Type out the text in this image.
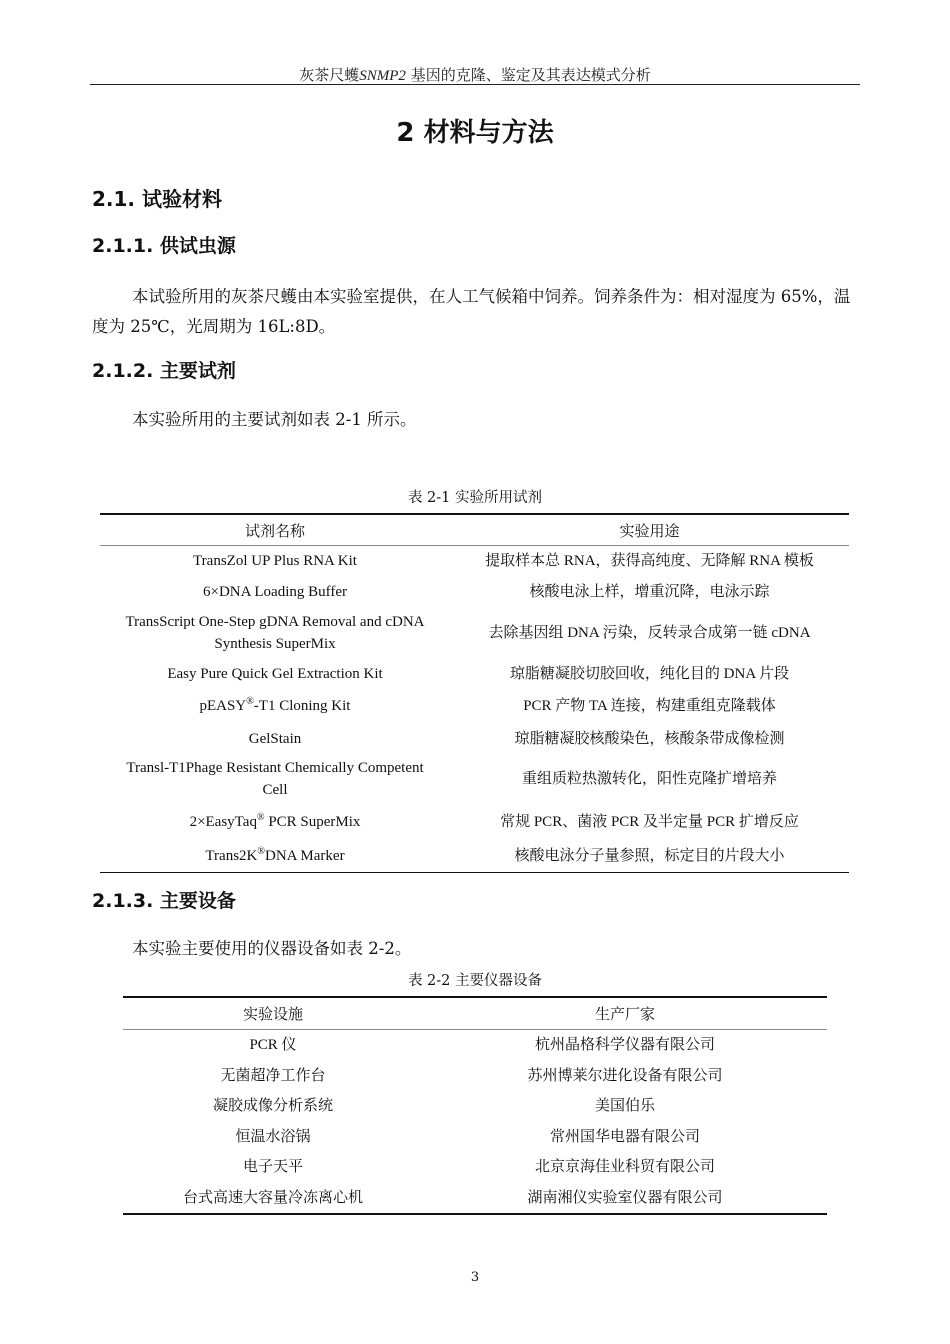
灰茶尺蠖SNMP2 基因的克隆、鉴定及其表达模式分析
2 材料与方法
2.1. 试验材料
2.1.1. 供试虫源
本试验所用的灰茶尺蠖由本实验室提供，在人工气候箱中饲养。饲养条件为：相对湿度为 65%，温度为 25℃，光周期为 16L:8D。
2.1.2. 主要试剂
本实验所用的主要试剂如表 2-1 所示。
表 2-1 实验所用试剂
试剂名称	实验用途
TransZol UP Plus RNA Kit	提取样本总 RNA，获得高纯度、无降解 RNA 模板
6×DNA Loading Buffer	核酸电泳上样，增重沉降，电泳示踪
TransScript One-Step gDNA Removal and cDNA
Synthesis SuperMix	去除基因组 DNA 污染，反转录合成第一链 cDNA
Easy Pure Quick Gel Extraction Kit	琼脂糖凝胶切胶回收，纯化目的 DNA 片段
pEASY®-T1 Cloning Kit	PCR 产物 TA 连接，构建重组克隆载体
GelStain	琼脂糖凝胶核酸染色，核酸条带成像检测
Transl-T1Phage Resistant Chemically Competent
Cell	重组质粒热激转化，阳性克隆扩增培养
2×EasyTaq® PCR SuperMix	常规 PCR、菌液 PCR 及半定量 PCR 扩增反应
Trans2K®DNA Marker	核酸电泳分子量参照，标定目的片段大小
2.1.3. 主要设备
本实验主要使用的仪器设备如表 2-2。
表 2-2 主要仪器设备
实验设施	生产厂家
PCR 仪	杭州晶格科学仪器有限公司
无菌超净工作台	苏州博莱尔进化设备有限公司
凝胶成像分析系统	美国伯乐
恒温水浴锅	常州国华电器有限公司
电子天平	北京京海佳业科贸有限公司
台式高速大容量冷冻离心机	湖南湘仪实验室仪器有限公司
3
